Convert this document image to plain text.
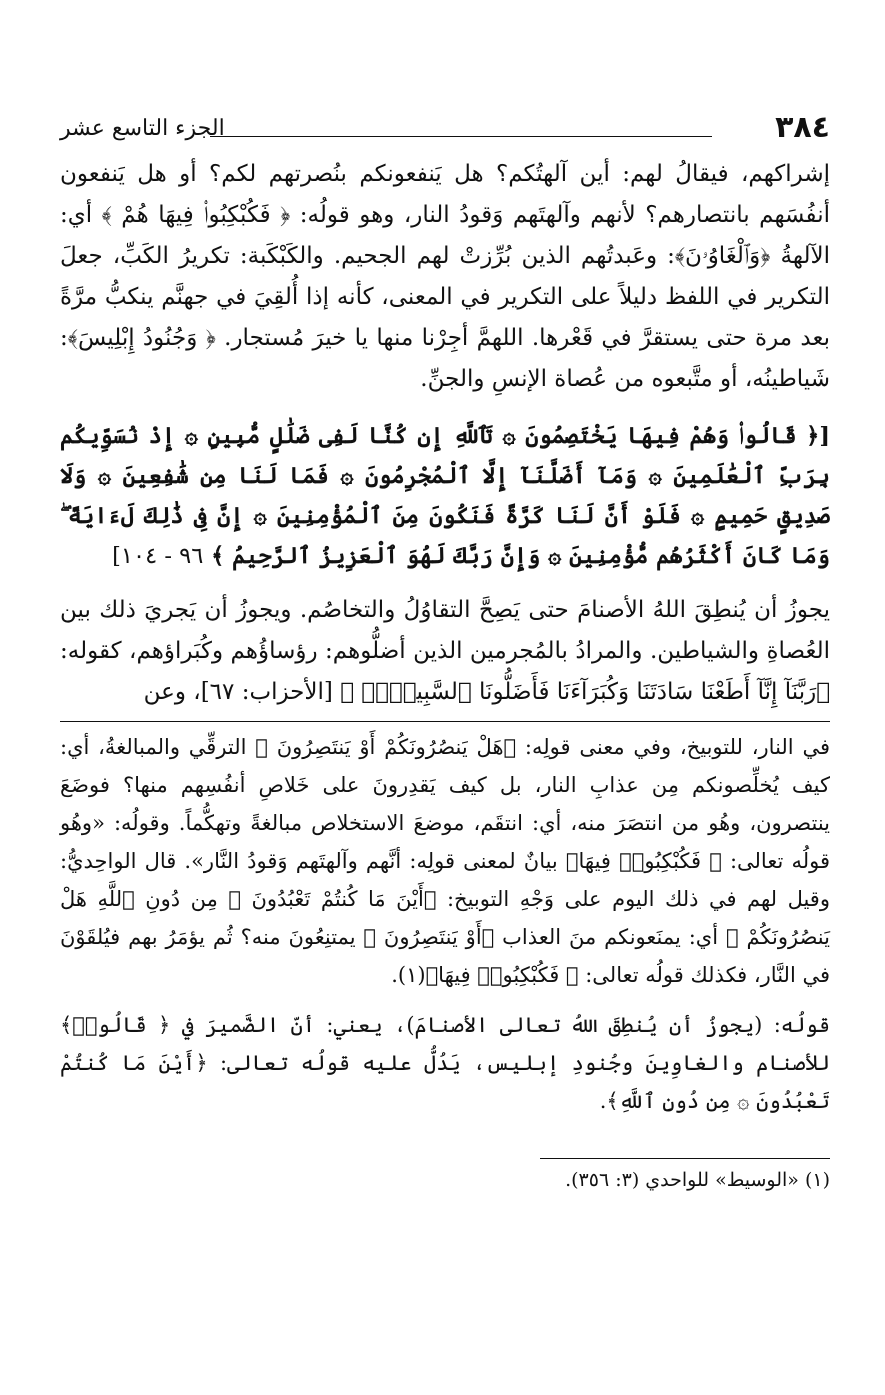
٣٨٤
الجزء التاسع عشر

إشراكهم، فيقالُ لهم: أين آلهتُكم؟ هل يَنفعونكم بنُصرتهم لكم؟ أو هل يَنفعون أنفُسَهم بانتصارهم؟ لأنهم وآلهتَهم وَقودُ النار، وهو قولُه: ﴿ فَكُبْكِبُوا۟ فِيهَا هُمْ ﴾ أي: الآلهةُ ﴿وَٱلْغَاوُۥنَ﴾: وعَبدتُهم الذين بُرِّزتْ لهم الجحيم. والكَبْكَبة: تكريرُ الكَبِّ، جعلَ التكرير في اللفظ دليلاً على التكرير في المعنى، كأنه إذا أُلقِيَ في جهنَّم ينكبُّ مرَّةً بعد مرة حتى يستقرَّ في قَعْرها. اللهمَّ أجِرْنا منها يا خيرَ مُستجار. ﴿ وَجُنُودُ إِبْلِيسَ﴾: شَياطينُه، أو متَّبعوه من عُصاة الإنسِ والجنِّ.

[﴿ قَالُوا۟ وَهُمْ فِيهَا يَخْتَصِمُونَ ۞ تَٱللَّهِ إِن كُنَّا لَفِى ضَلَٰلٍ مُّبِينٍ ۞ إِذْ نُسَوِّيكُم بِرَبِّ ٱلْعَٰلَمِينَ ۞ وَمَآ أَضَلَّنَآ إِلَّا ٱلْمُجْرِمُونَ ۞ فَمَا لَنَا مِن شَٰفِعِينَ ۞ وَلَا صَدِيقٍ حَمِيمٍ ۞ فَلَوْ أَنَّ لَنَا كَرَّةً فَنَكُونَ مِنَ ٱلْمُؤْمِنِينَ ۞ إِنَّ فِى ذَٰلِكَ لَءَايَةً ۖ وَمَا كَانَ أَكْثَرُهُم مُّؤْمِنِينَ ۞ وَإِنَّ رَبَّكَ لَهُوَ ٱلْعَزِيزُ ٱلرَّحِيمُ ﴾ ٩٦ - ١٠٤]

يجوزُ أن يُنطِقَ اللهُ الأصنامَ حتى يَصِحَّ التقاوُلُ والتخاصُم. ويجوزُ أن يَجريَ ذلك بين العُصاةِ والشياطين. والمرادُ بالمُجرمين الذين أضلُّوهم: رؤساؤُهم وكُبَراؤهم، كقوله: ﴿رَبَّنَآ إِنَّآ أَطَعْنَا سَادَتَنَا وَكُبَرَآءَنَا فَأَضَلُّونَا ٱلسَّبِيلَا۠ ﴾ [الأحزاب: ٦٧]، وعن

في النار، للتوبيخ، وفي معنى قولِه: ﴿هَلْ يَنصُرُونَكُمْ أَوْ يَنتَصِرُونَ ﴾ الترقِّي والمبالغةُ، أي: كيف يُخلِّصونكم مِن عذابِ النار، بل كيف يَقدِرونَ على خَلاصِ أنفُسِهم منها؟ فوضَعَ ينتصرون، وهُو من انتصَرَ منه، أي: انتقَم، موضعَ الاستخلاص مبالغةً وتهكُّماً. وقولُه: «وهُو قولُه تعالى: ﴿ فَكُبْكِبُوا۟ فِيهَا﴾ بيانٌ لمعنى قولِه: أنَّهم وآلهتَهم وَقودُ النَّار». قال الواحِديُّ: وقيل لهم في ذلك اليوم على وَجْهِ التوبيخ: ﴿أَيْنَ مَا كُنتُمْ تَعْبُدُونَ ۞ مِن دُونِ ٱللَّهِ هَلْ يَنصُرُونَكُمْ ﴾ أي: يمنَعونكم منَ العذاب ﴿أَوْ يَنتَصِرُونَ ﴾ يمتنِعُونَ منه؟ ثُم يؤمَرُ بهم فيُلقَوْنَ في النَّار، فكذلك قولُه تعالى: ﴿ فَكُبْكِبُوا۟ فِيهَا﴾(١).

قولُه: (يجوزُ أن يُنطِقَ اللهُ تعالى الأصنامَ)، يعني: أنّ الضَّميرَ في ﴿ قَالُوا۟﴾ للأصنام والغاوِينَ وجُنودِ إبليس، يَدُلُّ عليه قولُه تعالى: ﴿أَيْنَ مَا كُنتُمْ تَعْبُدُونَ ۞ مِن دُونِ ٱللَّهِ﴾.

(١) «الوسيط» للواحدي (٣: ٣٥٦).
